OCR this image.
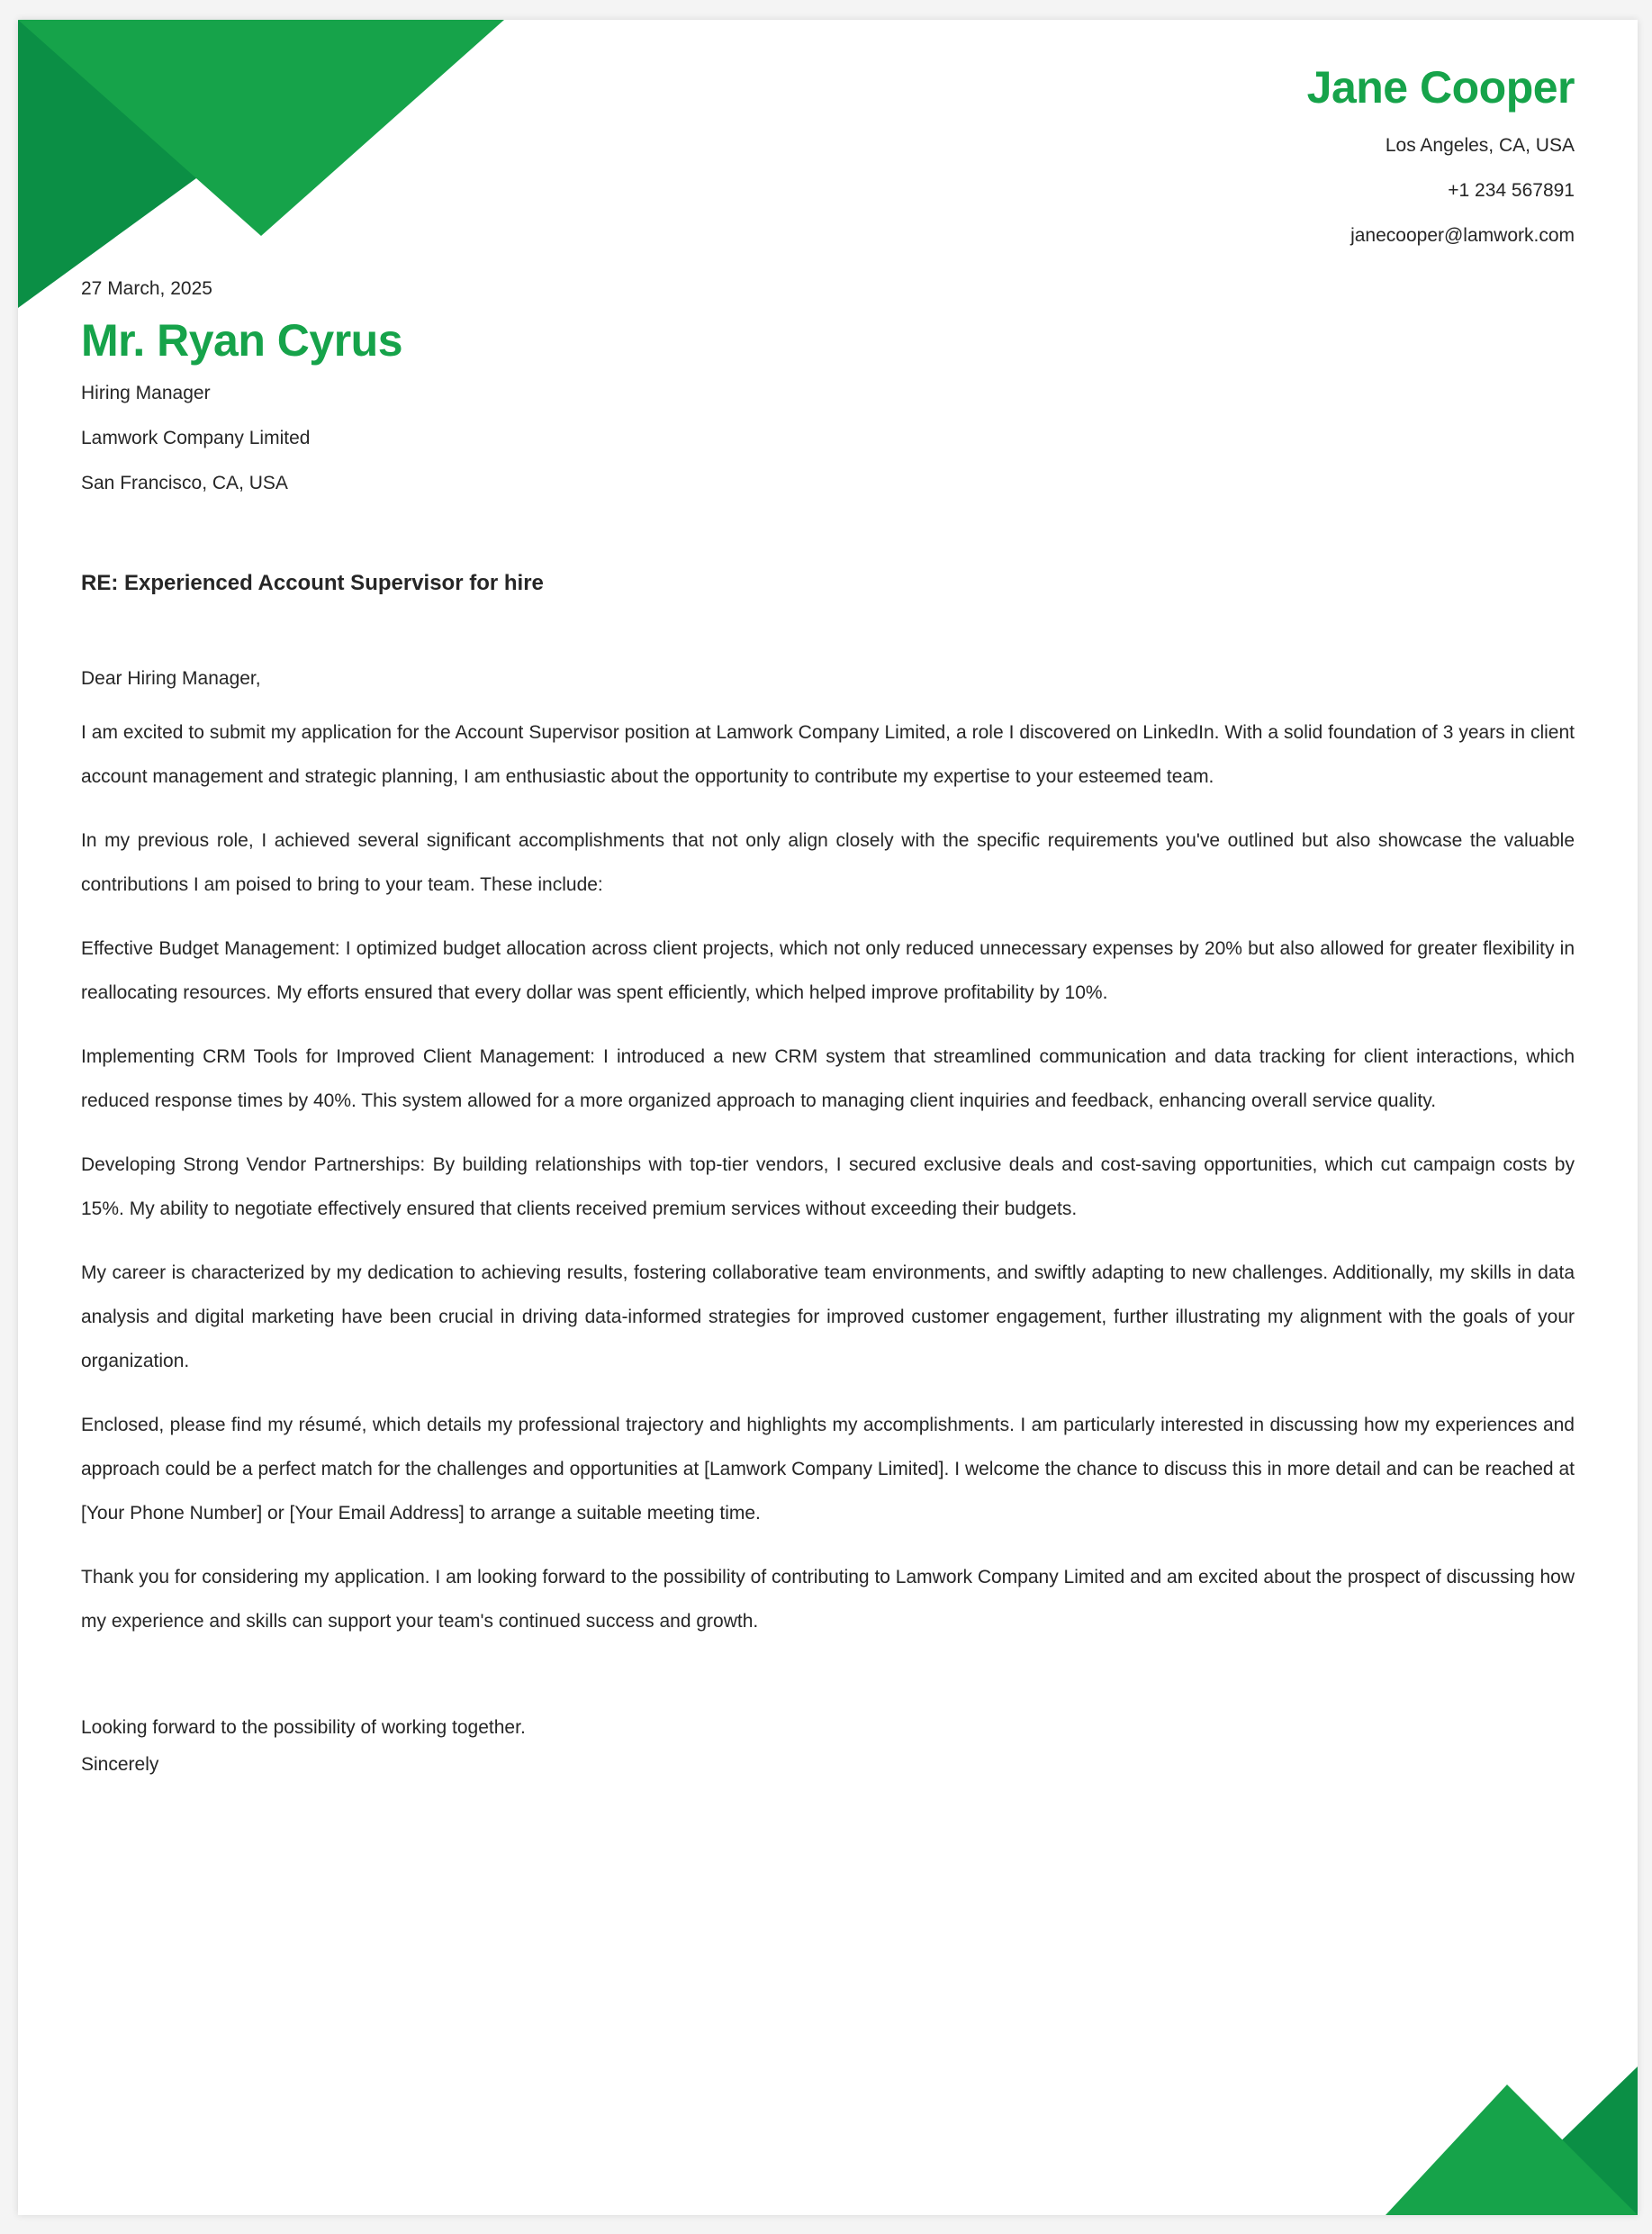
Jane Cooper
Los Angeles, CA, USA
+1 234 567891
janecooper@lamwork.com
27 March, 2025
Mr. Ryan Cyrus
Hiring Manager
Lamwork Company Limited
San Francisco, CA, USA
RE: Experienced Account Supervisor for hire
Dear Hiring Manager,

I am excited to submit my application for the Account Supervisor position at Lamwork Company Limited, a role I discovered on LinkedIn. With a solid foundation of 3 years in client account management and strategic planning, I am enthusiastic about the opportunity to contribute my expertise to your esteemed team.

In my previous role, I achieved several significant accomplishments that not only align closely with the specific requirements you've outlined but also showcase the valuable contributions I am poised to bring to your team. These include:

Effective Budget Management: I optimized budget allocation across client projects, which not only reduced unnecessary expenses by 20% but also allowed for greater flexibility in reallocating resources. My efforts ensured that every dollar was spent efficiently, which helped improve profitability by 10%.

Implementing CRM Tools for Improved Client Management: I introduced a new CRM system that streamlined communication and data tracking for client interactions, which reduced response times by 40%. This system allowed for a more organized approach to managing client inquiries and feedback, enhancing overall service quality.

Developing Strong Vendor Partnerships: By building relationships with top-tier vendors, I secured exclusive deals and cost-saving opportunities, which cut campaign costs by 15%. My ability to negotiate effectively ensured that clients received premium services without exceeding their budgets.

My career is characterized by my dedication to achieving results, fostering collaborative team environments, and swiftly adapting to new challenges. Additionally, my skills in data analysis and digital marketing have been crucial in driving data-informed strategies for improved customer engagement, further illustrating my alignment with the goals of your organization.

Enclosed, please find my résumé, which details my professional trajectory and highlights my accomplishments. I am particularly interested in discussing how my experiences and approach could be a perfect match for the challenges and opportunities at [Lamwork Company Limited]. I welcome the chance to discuss this in more detail and can be reached at [Your Phone Number] or [Your Email Address] to arrange a suitable meeting time.

Thank you for considering my application. I am looking forward to the possibility of contributing to Lamwork Company Limited and am excited about the prospect of discussing how my experience and skills can support your team's continued success and growth.

Looking forward to the possibility of working together.
Sincerely
